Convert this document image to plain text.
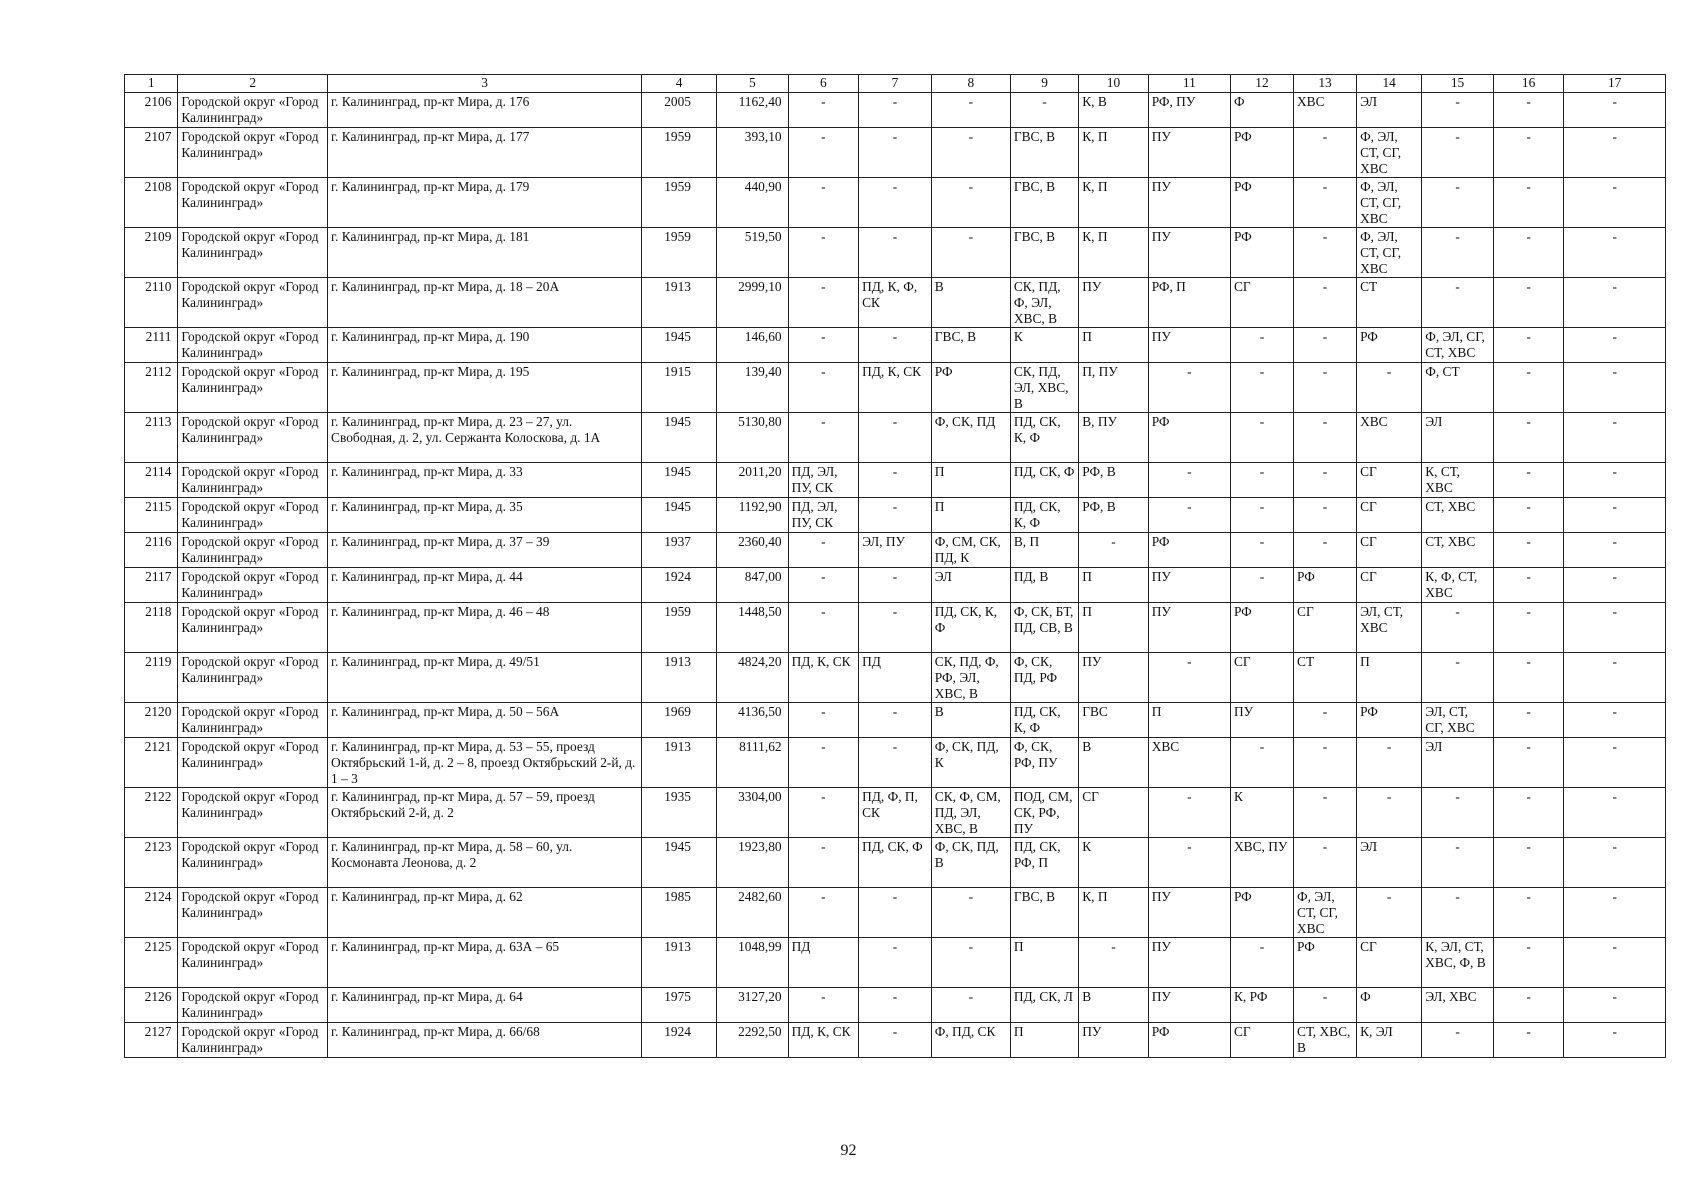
1	2	3	4	5	6	7	8	9	10	11	12	13	14	15	16	17
2106	Городской округ «Город Калининград»	г. Калининград, пр-кт Мира, д. 176	2005	1162,40	-	-	-	-	К, В	РФ, ПУ	Ф	ХВС	ЭЛ	-	-	-
2107	Городской округ «Город Калининград»	г. Калининград, пр-кт Мира, д. 177	1959	393,10	-	-	-	ГВС, В	К, П	ПУ	РФ	-	Ф, ЭЛ, СТ, СГ, ХВС	-	-	-
2108	Городской округ «Город Калининград»	г. Калининград, пр-кт Мира, д. 179	1959	440,90	-	-	-	ГВС, В	К, П	ПУ	РФ	-	Ф, ЭЛ, СТ, СГ, ХВС	-	-	-
2109	Городской округ «Город Калининград»	г. Калининград, пр-кт Мира, д. 181	1959	519,50	-	-	-	ГВС, В	К, П	ПУ	РФ	-	Ф, ЭЛ, СТ, СГ, ХВС	-	-	-
2110	Городской округ «Город Калининград»	г. Калининград, пр-кт Мира, д. 18 – 20А	1913	2999,10	-	ПД, К, Ф, СК	В	СК, ПД, Ф, ЭЛ, ХВС, В	ПУ	РФ, П	СГ	-	СТ	-	-	-
2111	Городской округ «Город Калининград»	г. Калининград, пр-кт Мира, д. 190	1945	146,60	-	-	ГВС, В	К	П	ПУ	-	-	РФ	Ф, ЭЛ, СГ, СТ, ХВС	-	-
2112	Городской округ «Город Калининград»	г. Калининград, пр-кт Мира, д. 195	1915	139,40	-	ПД, К, СК	РФ	СК, ПД, ЭЛ, ХВС, В	П, ПУ	-	-	-	-	Ф, СТ	-	-
2113	Городской округ «Город Калининград»	г. Калининград, пр-кт Мира, д. 23 – 27, ул. Свободная, д. 2, ул. Сержанта Колоскова, д. 1А	1945	5130,80	-	-	Ф, СК, ПД	ПД, СК, К, Ф	В, ПУ	РФ	-	-	ХВС	ЭЛ	-	-
2114	Городской округ «Город Калининград»	г. Калининград, пр-кт Мира, д. 33	1945	2011,20	ПД, ЭЛ, ПУ, СК	-	П	ПД, СК, Ф	РФ, В	-	-	-	СГ	К, СТ, ХВС	-	-
2115	Городской округ «Город Калининград»	г. Калининград, пр-кт Мира, д. 35	1945	1192,90	ПД, ЭЛ, ПУ, СК	-	П	ПД, СК, К, Ф	РФ, В	-	-	-	СГ	СТ, ХВС	-	-
2116	Городской округ «Город Калининград»	г. Калининград, пр-кт Мира, д. 37 – 39	1937	2360,40	-	ЭЛ, ПУ	Ф, СМ, СК, ПД, К	В, П	-	РФ	-	-	СГ	СТ, ХВС	-	-
2117	Городской округ «Город Калининград»	г. Калининград, пр-кт Мира, д. 44	1924	847,00	-	-	ЭЛ	ПД, В	П	ПУ	-	РФ	СГ	К, Ф, СТ, ХВС	-	-
2118	Городской округ «Город Калининград»	г. Калининград, пр-кт Мира, д. 46 – 48	1959	1448,50	-	-	ПД, СК, К, Ф	Ф, СК, БТ, ПД, СВ, В	П	ПУ	РФ	СГ	ЭЛ, СТ, ХВС	-	-	-
2119	Городской округ «Город Калининград»	г. Калининград, пр-кт Мира, д. 49/51	1913	4824,20	ПД, К, СК	ПД	СК, ПД, Ф, РФ, ЭЛ, ХВС, В	Ф, СК, ПД, РФ	ПУ	-	СГ	СТ	П	-	-	-
2120	Городской округ «Город Калининград»	г. Калининград, пр-кт Мира, д. 50 – 56А	1969	4136,50	-	-	В	ПД, СК, К, Ф	ГВС	П	ПУ	-	РФ	ЭЛ, СТ, СГ, ХВС	-	-
2121	Городской округ «Город Калининград»	г. Калининград, пр-кт Мира, д. 53 – 55, проезд Октябрьский 1-й, д. 2 – 8, проезд Октябрьский 2-й, д. 1 – 3	1913	8111,62	-	-	Ф, СК, ПД, К	Ф, СК, РФ, ПУ	В	ХВС	-	-	-	ЭЛ	-	-
2122	Городской округ «Город Калининград»	г. Калининград, пр-кт Мира, д. 57 – 59, проезд Октябрьский 2-й, д. 2	1935	3304,00	-	ПД, Ф, П, СК	СК, Ф, СМ, ПД, ЭЛ, ХВС, В	ПОД, СМ, СК, РФ, ПУ	СГ	-	К	-	-	-	-	-
2123	Городской округ «Город Калининград»	г. Калининград, пр-кт Мира, д. 58 – 60, ул. Космонавта Леонова, д. 2	1945	1923,80	-	ПД, СК, Ф	Ф, СК, ПД, В	ПД, СК, РФ, П	К	-	ХВС, ПУ	-	ЭЛ	-	-	-
2124	Городской округ «Город Калининград»	г. Калининград, пр-кт Мира, д. 62	1985	2482,60	-	-	-	ГВС, В	К, П	ПУ	РФ	Ф, ЭЛ, СТ, СГ, ХВС	-	-	-	-
2125	Городской округ «Город Калининград»	г. Калининград, пр-кт Мира, д. 63А – 65	1913	1048,99	ПД	-	-	П	-	ПУ	-	РФ	СГ	К, ЭЛ, СТ, ХВС, Ф, В	-	-
2126	Городской округ «Город Калининград»	г. Калининград, пр-кт Мира, д. 64	1975	3127,20	-	-	-	ПД, СК, Л	В	ПУ	К, РФ	-	Ф	ЭЛ, ХВС	-	-
2127	Городской округ «Город Калининград»	г. Калининград, пр-кт Мира, д. 66/68	1924	2292,50	ПД, К, СК	-	Ф, ПД, СК	П	ПУ	РФ	СГ	СТ, ХВС, В	К, ЭЛ	-	-	-
92
